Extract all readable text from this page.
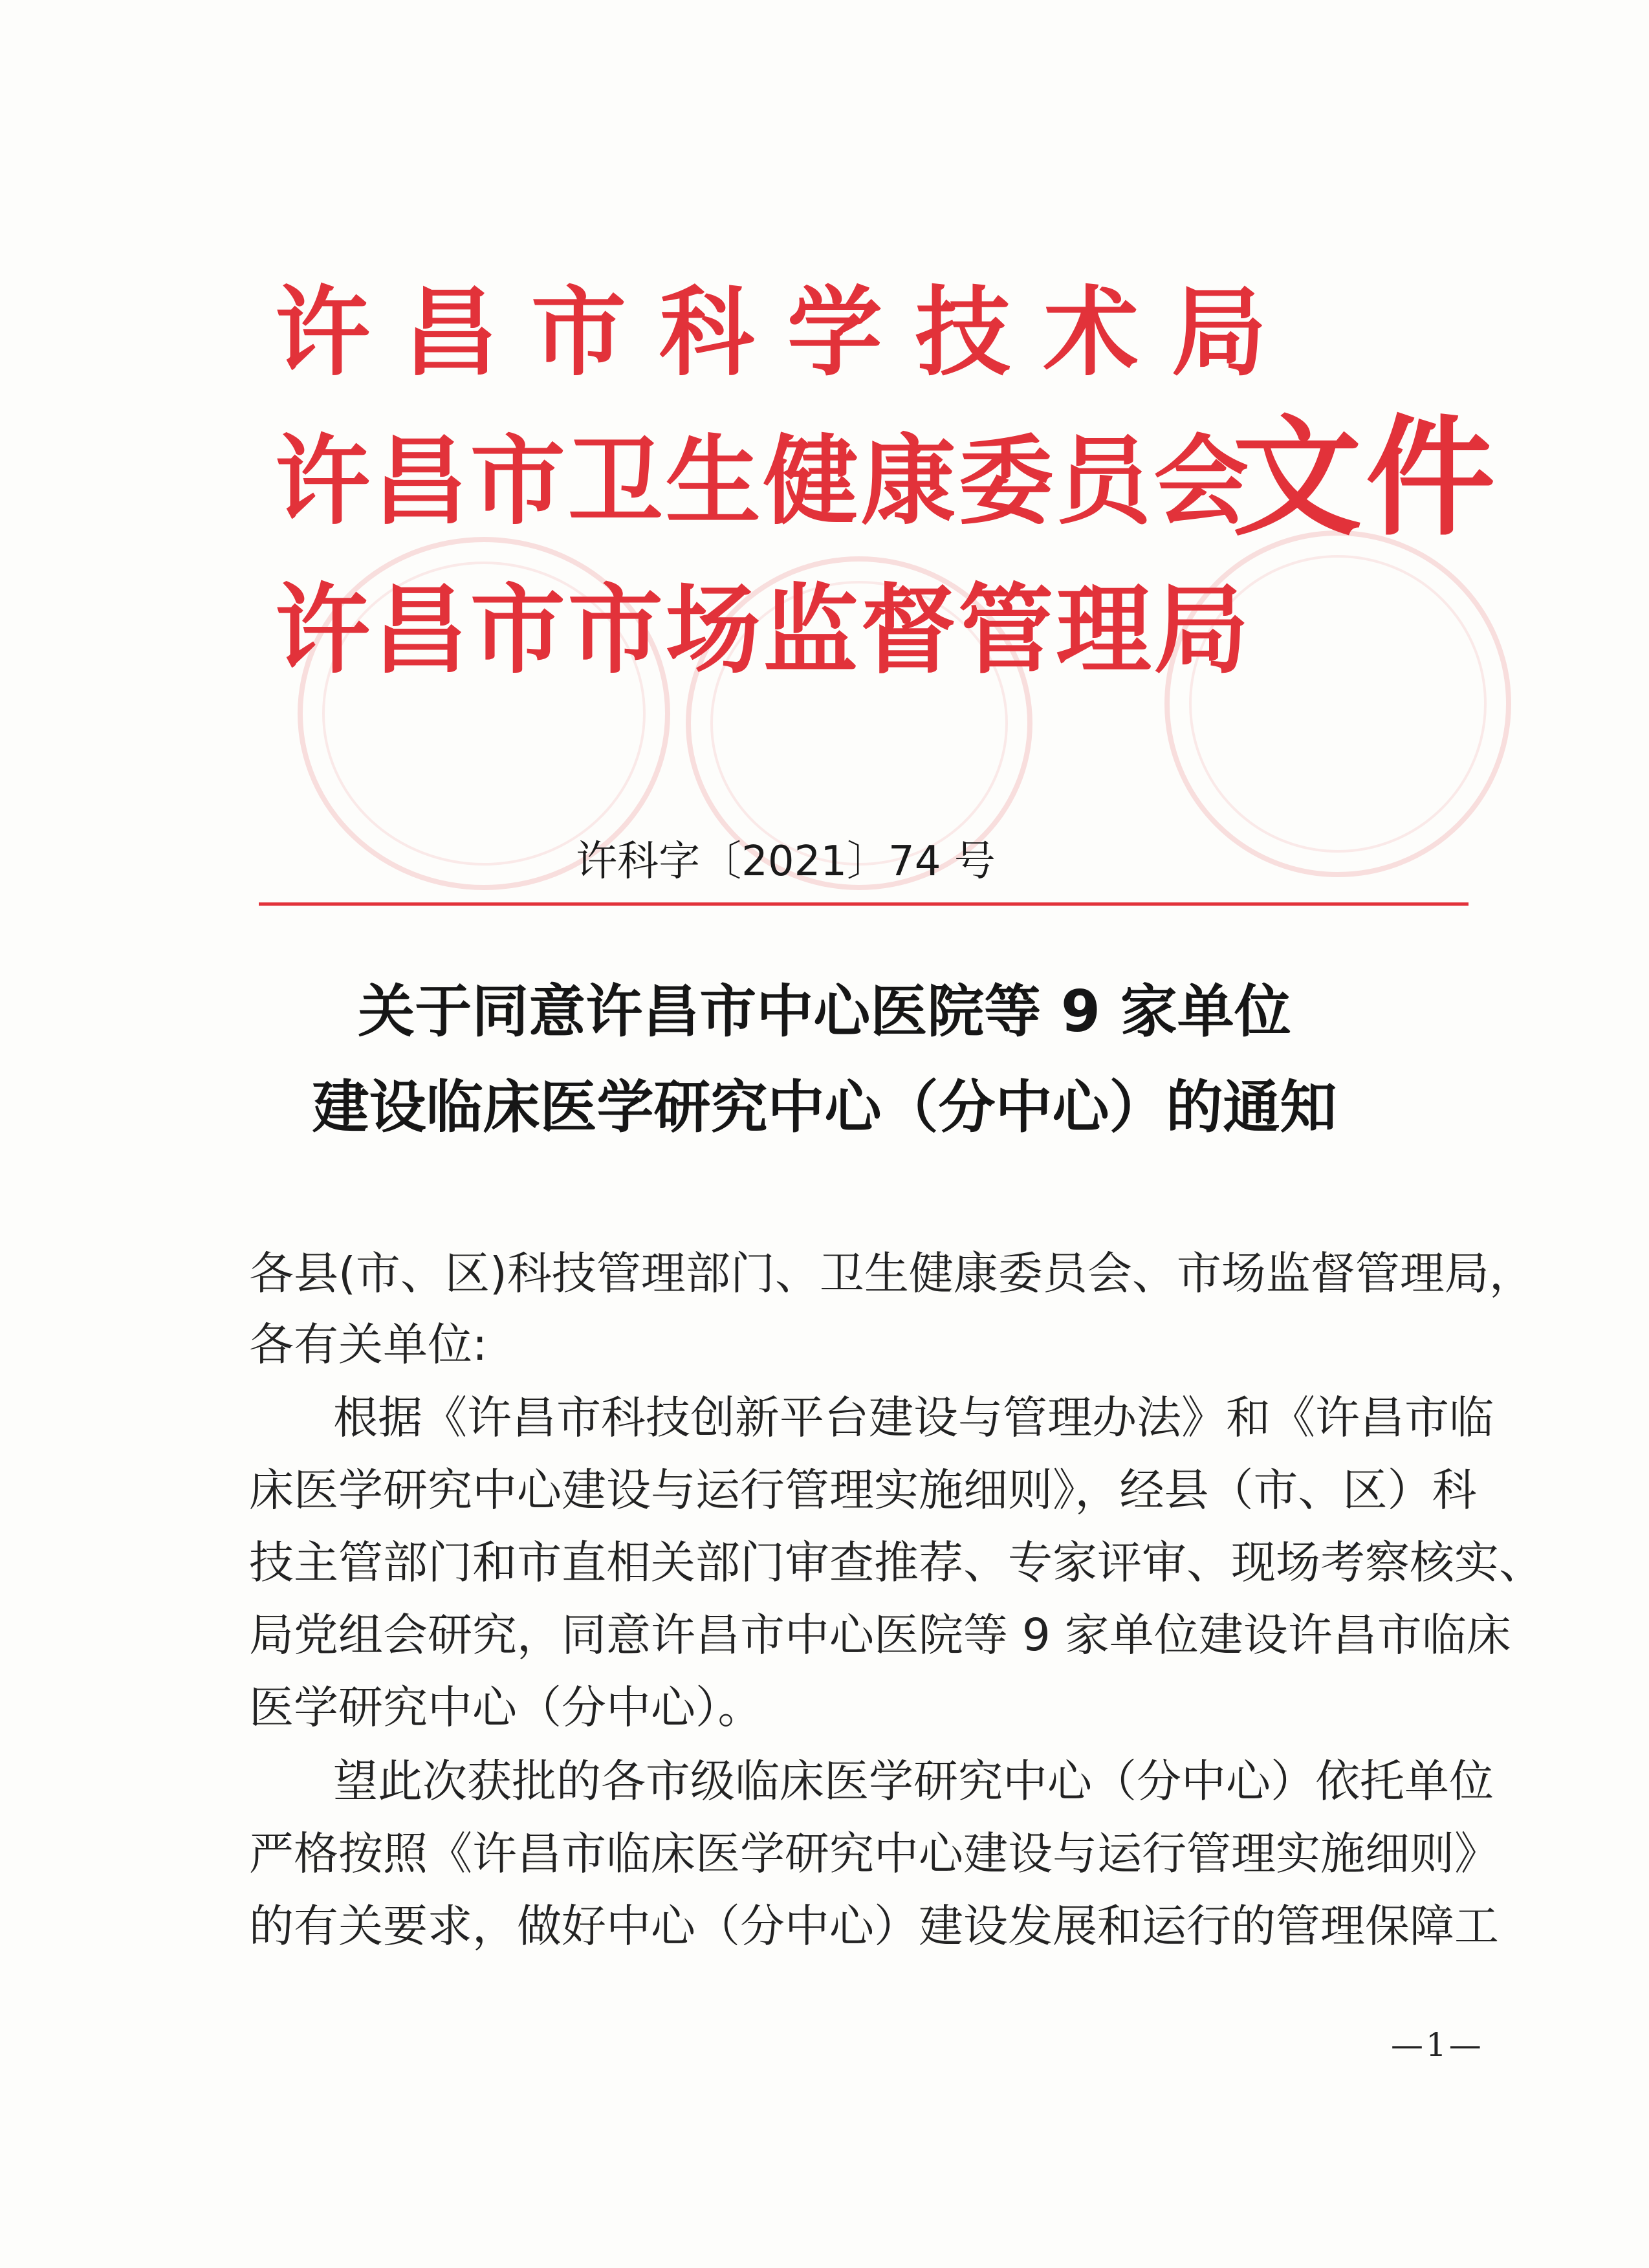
许昌市科学技术局
许昌市卫生健康委员会
许昌市市场监督管理局
文件
许科字〔2021〕74 号
关于同意许昌市中心医院等 9 家单位
建设临床医学研究中心（分中心）的通知
各县(市、区)科技管理部门、卫生健康委员会、市场监督管理局，
各有关单位:
根据《许昌市科技创新平台建设与管理办法》和《许昌市临
床医学研究中心建设与运行管理实施细则》，经县（市、区）科
技主管部门和市直相关部门审查推荐、专家评审、现场考察核实、
局党组会研究，同意许昌市中心医院等 9 家单位建设许昌市临床
医学研究中心（分中心）。
望此次获批的各市级临床医学研究中心（分中心）依托单位
严格按照《许昌市临床医学研究中心建设与运行管理实施细则》
的有关要求，做好中心（分中心）建设发展和运行的管理保障工
—1—
